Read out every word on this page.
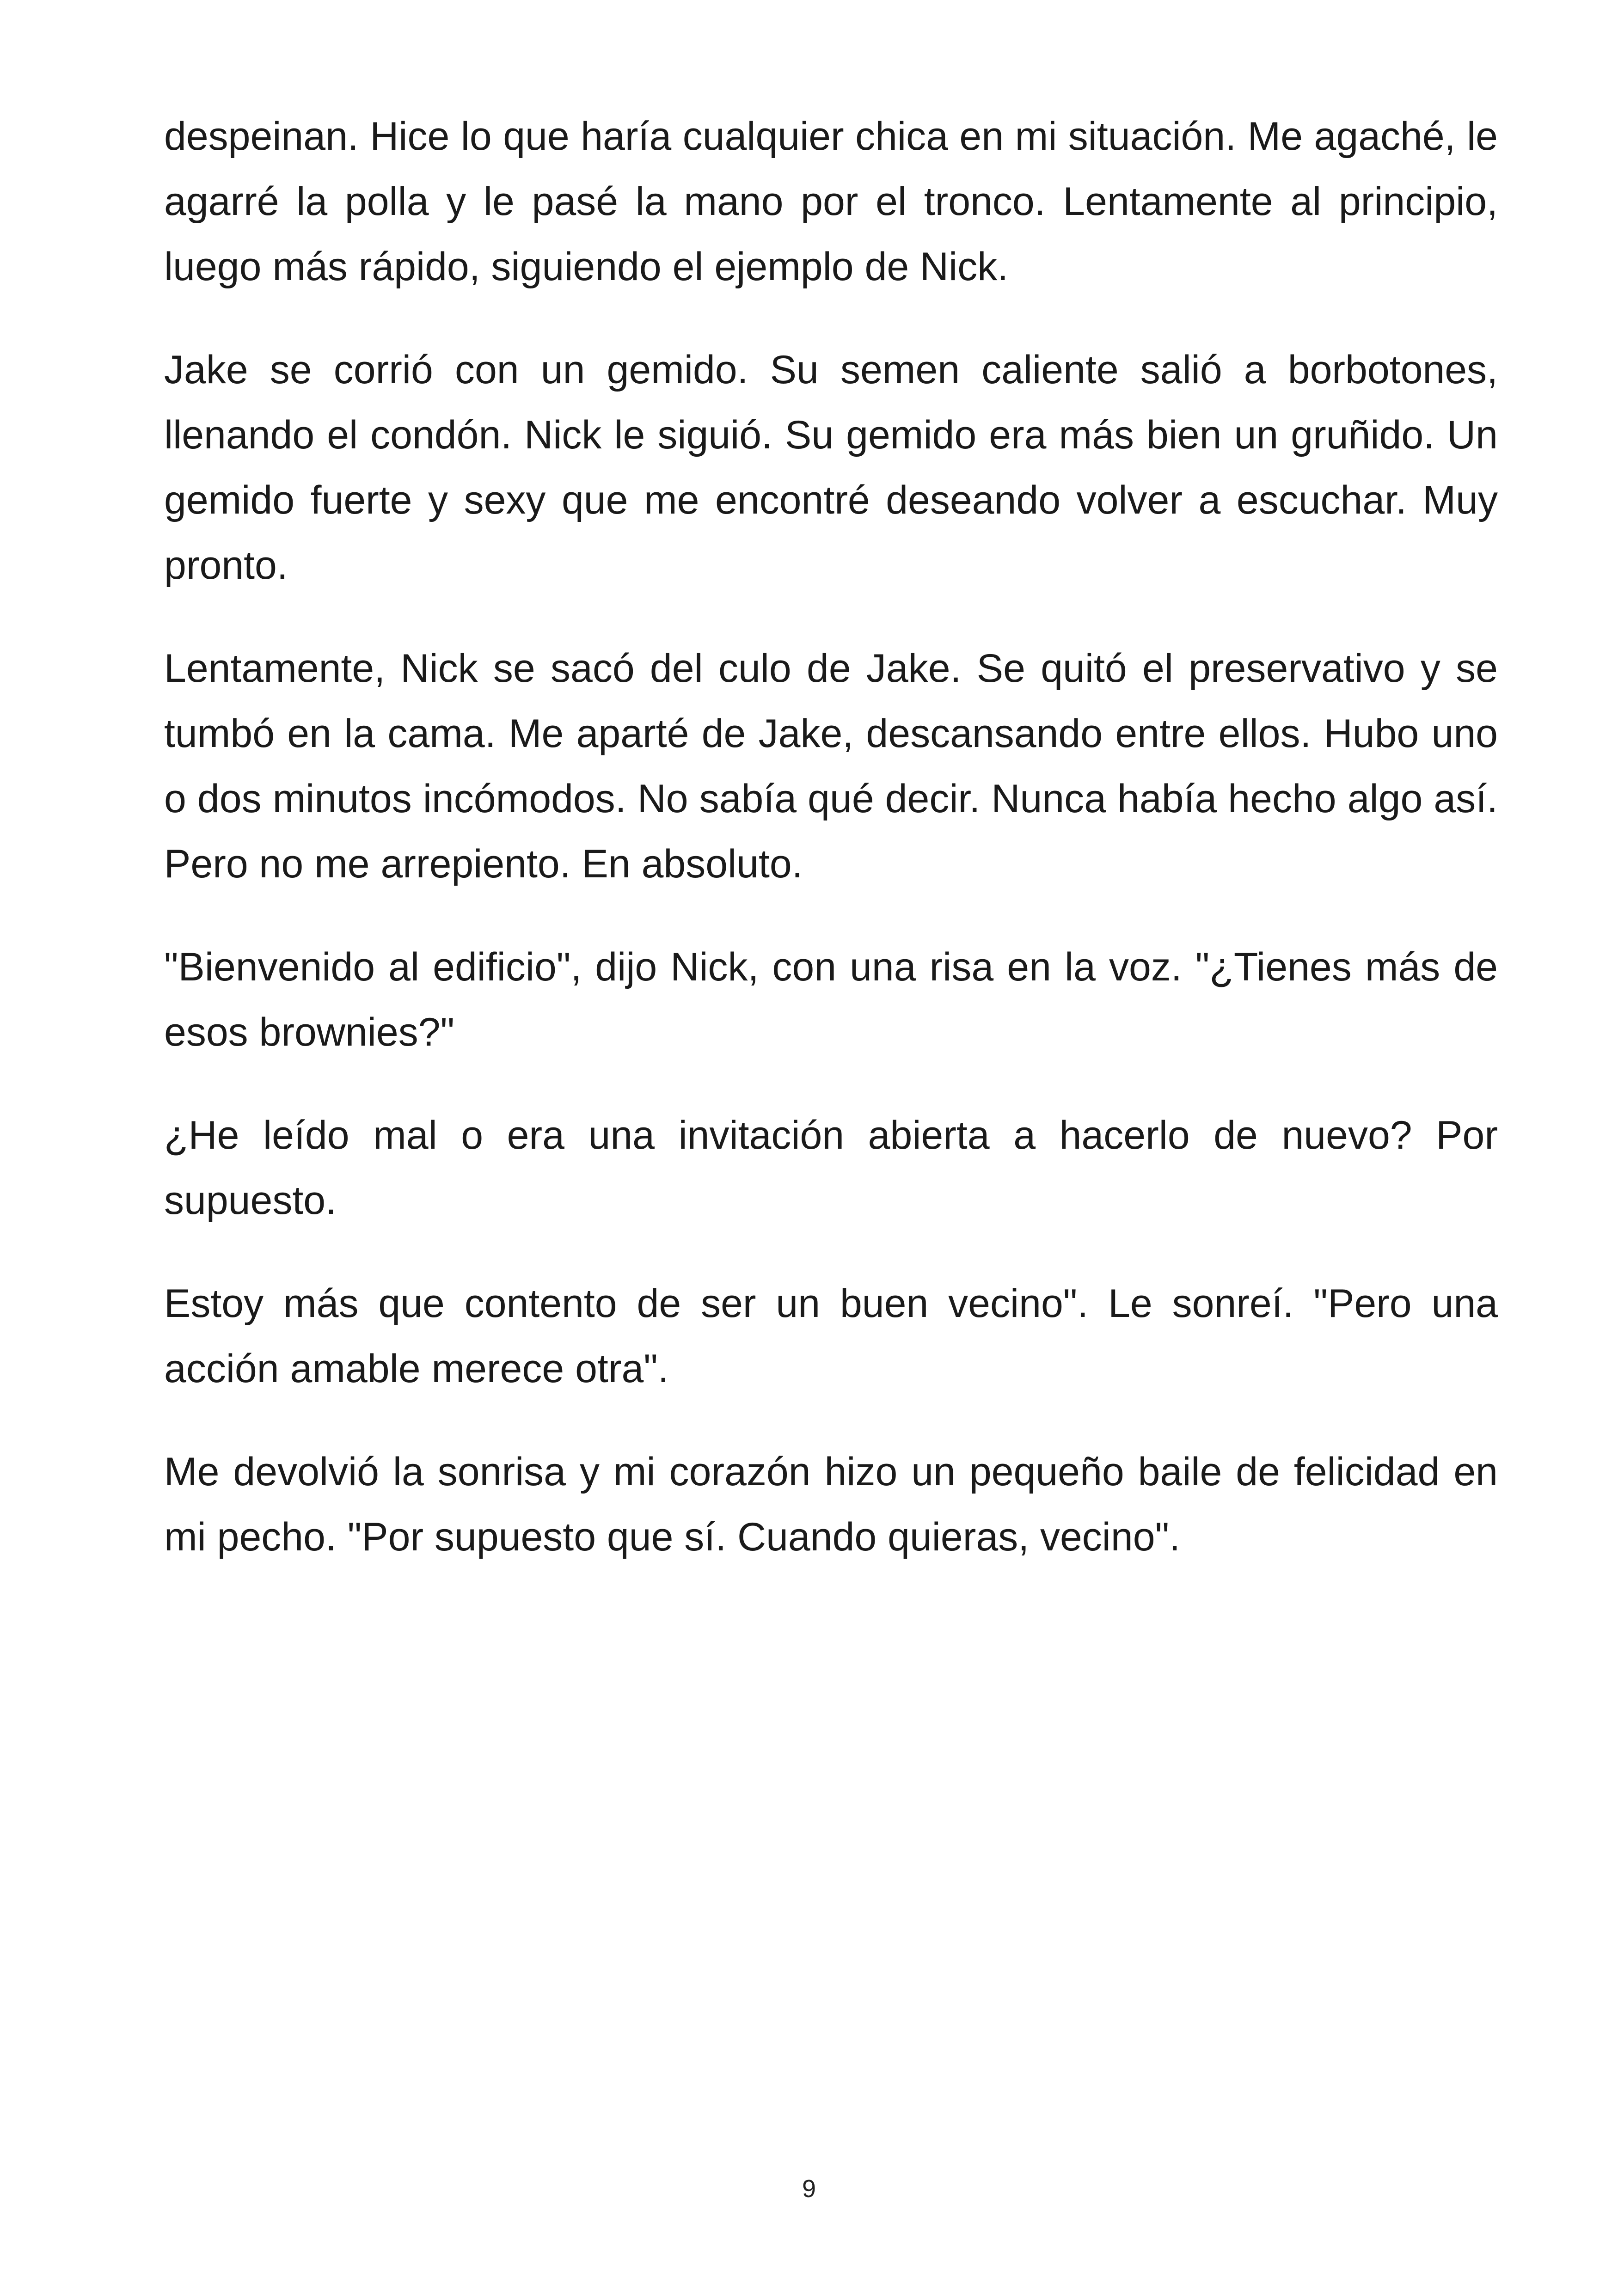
despeinan. Hice lo que haría cualquier chica en mi situación. Me agaché, le agarré la polla y le pasé la mano por el tronco. Lentamente al principio, luego más rápido, siguiendo el ejemplo de Nick.

Jake se corrió con un gemido. Su semen caliente salió a borbotones, llenando el condón. Nick le siguió. Su gemido era más bien un gruñido. Un gemido fuerte y sexy que me encontré deseando volver a escuchar. Muy pronto.

Lentamente, Nick se sacó del culo de Jake. Se quitó el preservativo y se tumbó en la cama. Me aparté de Jake, descansando entre ellos. Hubo uno o dos minutos incómodos. No sabía qué decir. Nunca había hecho algo así. Pero no me arrepiento. En absoluto.

"Bienvenido al edificio", dijo Nick, con una risa en la voz. "¿Tienes más de esos brownies?"

¿He leído mal o era una invitación abierta a hacerlo de nuevo? Por supuesto.

Estoy más que contento de ser un buen vecino". Le sonreí. "Pero una acción amable merece otra".

Me devolvió la sonrisa y mi corazón hizo un pequeño baile de felicidad en mi pecho. "Por supuesto que sí. Cuando quieras, vecino".

9
